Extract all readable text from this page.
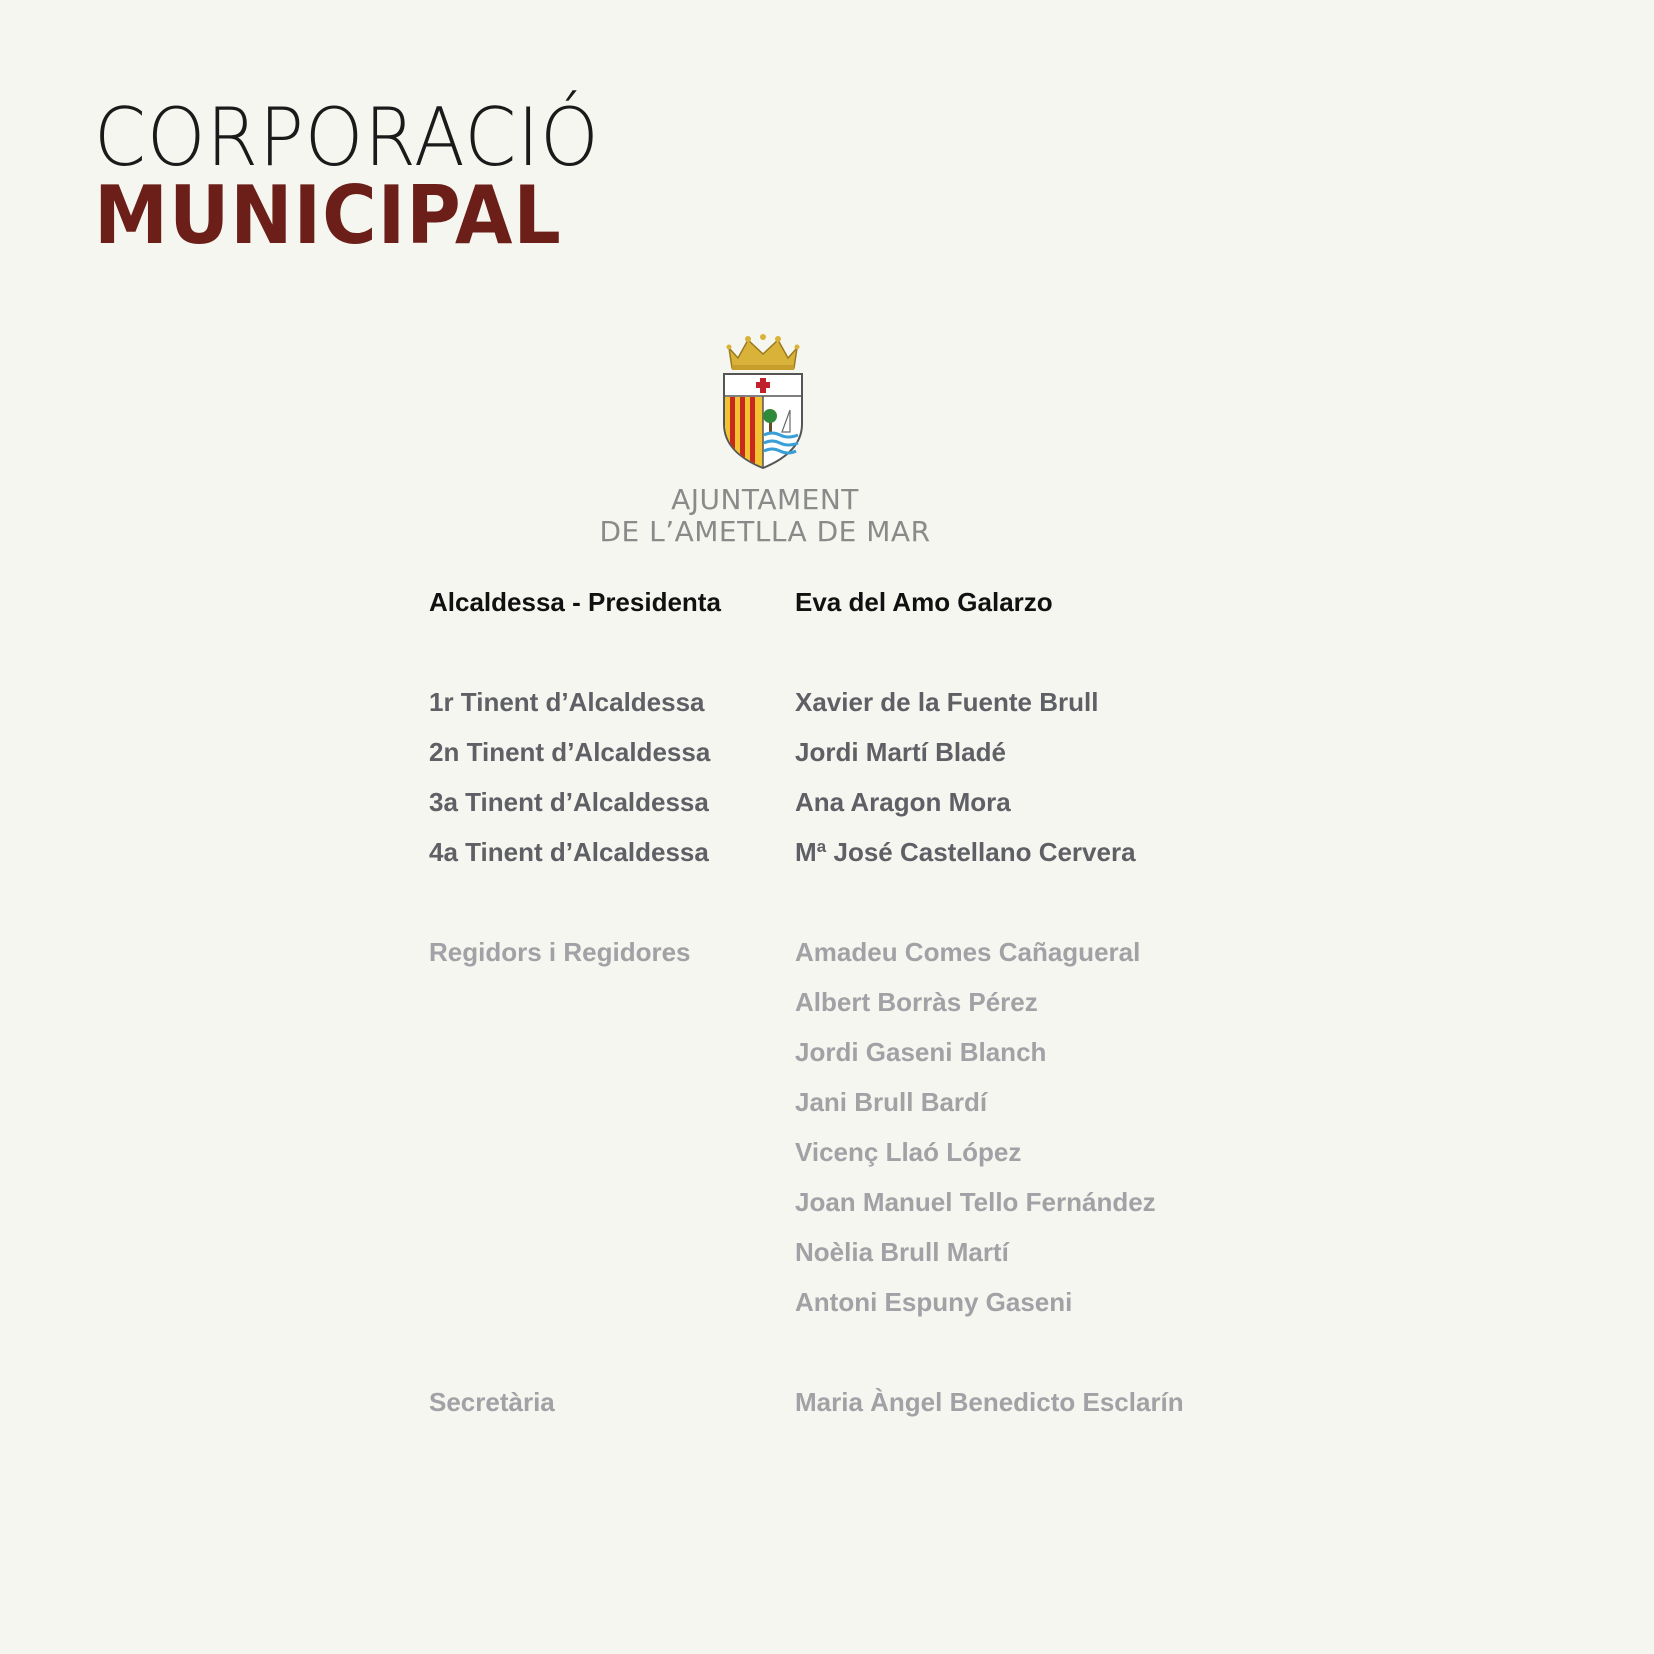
CORPORACIÓ
MUNICIPAL
AJUNTAMENT
DE L’AMETLLA DE MAR
Alcaldessa - Presidenta	Eva del Amo Galarzo
1r Tinent d’Alcaldessa	Xavier de la Fuente Brull
2n Tinent d’Alcaldessa	Jordi Martí Bladé
3a Tinent d’Alcaldessa	Ana Aragon Mora
4a Tinent d’Alcaldessa	Mª José Castellano Cervera
Regidors i Regidores	Amadeu Comes Cañagueral
Albert Borràs Pérez
Jordi Gaseni Blanch
Jani Brull Bardí
Vicenç Llaó López
Joan Manuel Tello Fernández
Noèlia Brull Martí
Antoni Espuny Gaseni
Secretària	Maria Àngel Benedicto Esclarín
